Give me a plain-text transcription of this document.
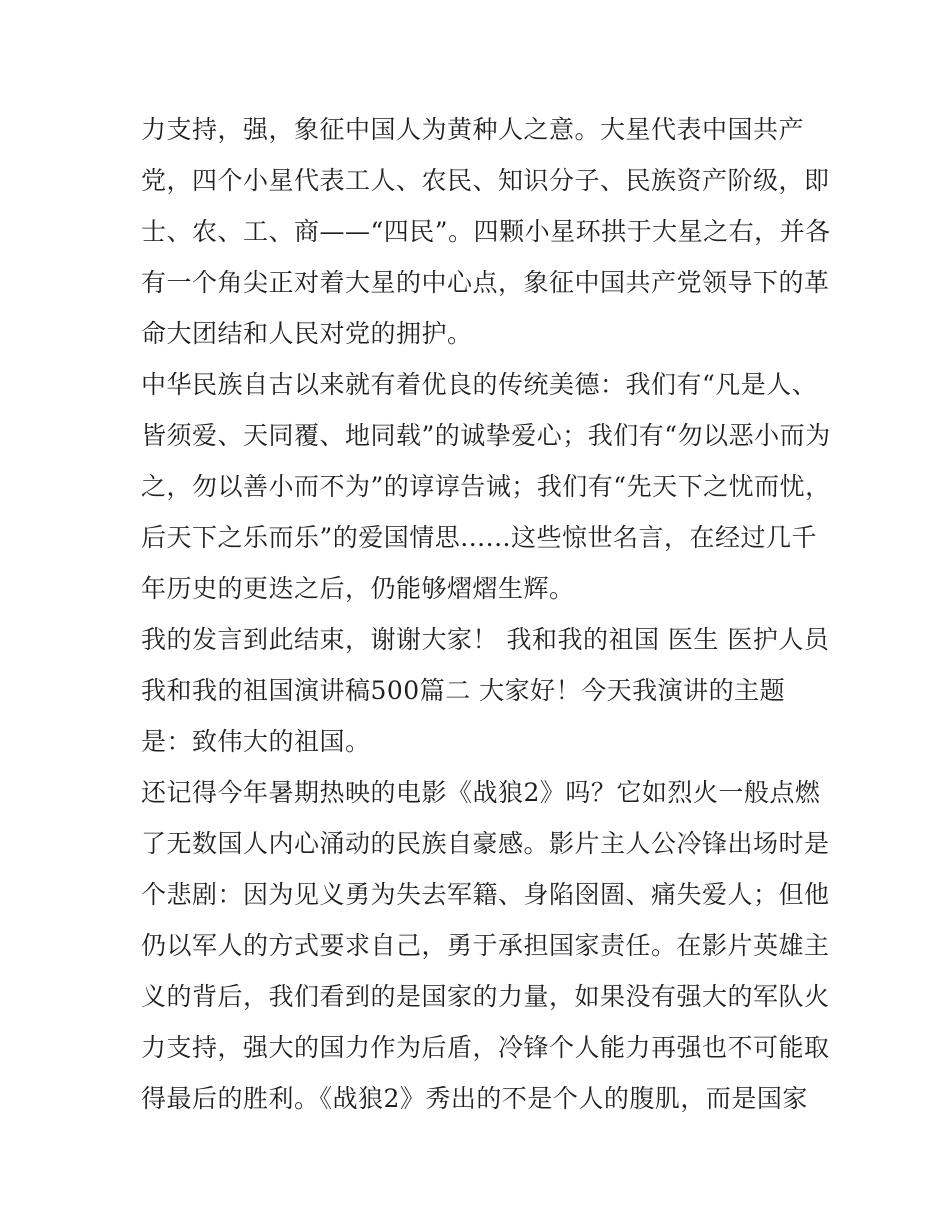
力支持，强，象征中国人为黄种人之意。大星代表中国共产
党，四个小星代表工人、农民、知识分子、民族资产阶级，即
士、农、工、商——“四民”。四颗小星环拱于大星之右，并各
有一个角尖正对着大星的中心点，象征中国共产党领导下的革
命大团结和人民对党的拥护。
中华民族自古以来就有着优良的传统美德：我们有“凡是人、
皆须爱、天同覆、地同载”的诚挚爱心；我们有“勿以恶小而为
之，勿以善小而不为”的谆谆告诫；我们有“先天下之忧而忧，
后天下之乐而乐”的爱国情思......这些惊世名言，在经过几千
年历史的更迭之后，仍能够熠熠生辉。
我的发言到此结束，谢谢大家！ 我和我的祖国 医生 医护人员
我和我的祖国演讲稿500篇二 大家好！今天我演讲的主题
是：致伟大的祖国。
还记得今年暑期热映的电影《战狼2》吗？它如烈火一般点燃
了无数国人内心涌动的民族自豪感。影片主人公冷锋出场时是
个悲剧：因为见义勇为失去军籍、身陷囹圄、痛失爱人；但他
仍以军人的方式要求自己，勇于承担国家责任。在影片英雄主
义的背后，我们看到的是国家的力量，如果没有强大的军队火
力支持，强大的国力作为后盾，冷锋个人能力再强也不可能取
得最后的胜利。《战狼2》秀出的不是个人的腹肌，而是国家
